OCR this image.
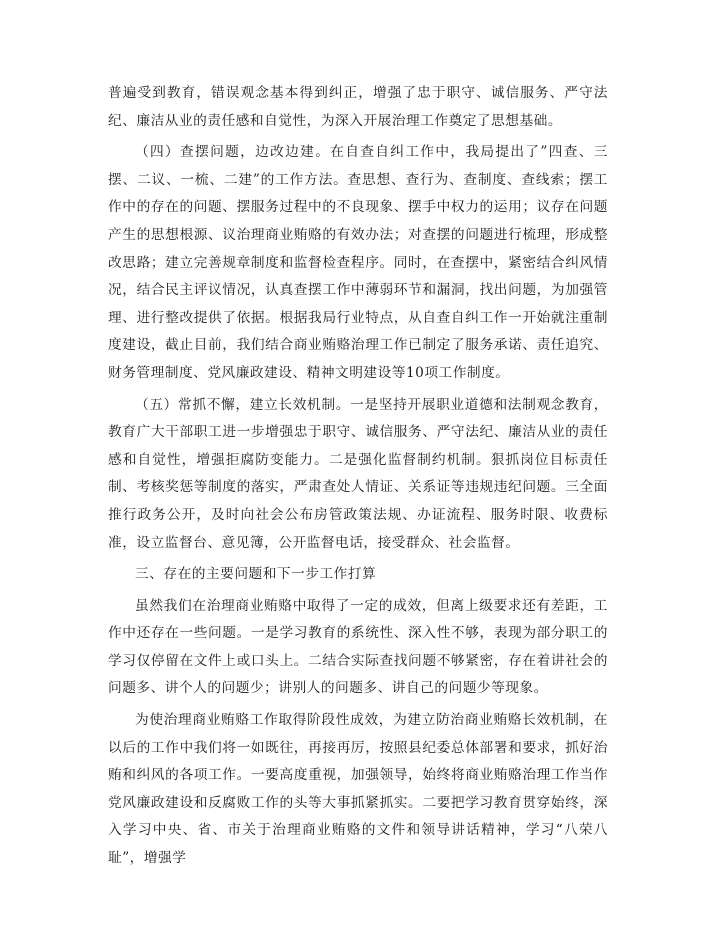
普遍受到教育，错误观念基本得到纠正，增强了忠于职守、诚信服务、严守法纪、廉洁从业的责任感和自觉性，为深入开展治理工作奠定了思想基础。

（四）查摆问题，边改边建。在自查自纠工作中，我局提出了”四查、三摆、二议、一梳、二建”的工作方法。查思想、查行为、查制度、查线索；摆工作中的存在的问题、摆服务过程中的不良现象、摆手中权力的运用；议存在问题产生的思想根源、议治理商业贿赂的有效办法；对查摆的问题进行梳理，形成整改思路；建立完善规章制度和监督检查程序。同时，在查摆中，紧密结合纠风情况，结合民主评议情况，认真查摆工作中薄弱环节和漏洞，找出问题，为加强管理、进行整改提供了依据。根据我局行业特点，从自查自纠工作一开始就注重制度建设，截止目前，我们结合商业贿赂治理工作已制定了服务承诺、责任追究、财务管理制度、党风廉政建设、精神文明建设等10项工作制度。

（五）常抓不懈，建立长效机制。一是坚持开展职业道德和法制观念教育，教育广大干部职工进一步增强忠于职守、诚信服务、严守法纪、廉洁从业的责任感和自觉性，增强拒腐防变能力。二是强化监督制约机制。狠抓岗位目标责任制、考核奖惩等制度的落实，严肃查处人情证、关系证等违规违纪问题。三全面推行政务公开，及时向社会公布房管政策法规、办证流程、服务时限、收费标准，设立监督台、意见簿，公开监督电话，接受群众、社会监督。

三、存在的主要问题和下一步工作打算

虽然我们在治理商业贿赂中取得了一定的成效，但离上级要求还有差距，工作中还存在一些问题。一是学习教育的系统性、深入性不够，表现为部分职工的学习仅停留在文件上或口头上。二结合实际查找问题不够紧密，存在着讲社会的问题多、讲个人的问题少；讲别人的问题多、讲自己的问题少等现象。

为使治理商业贿赂工作取得阶段性成效，为建立防治商业贿赂长效机制，在以后的工作中我们将一如既往，再接再厉，按照县纪委总体部署和要求，抓好治贿和纠风的各项工作。一要高度重视，加强领导，始终将商业贿赂治理工作当作党风廉政建设和反腐败工作的头等大事抓紧抓实。二要把学习教育贯穿始终，深入学习中央、省、市关于治理商业贿赂的文件和领导讲话精神，学习“八荣八耻”，增强学
